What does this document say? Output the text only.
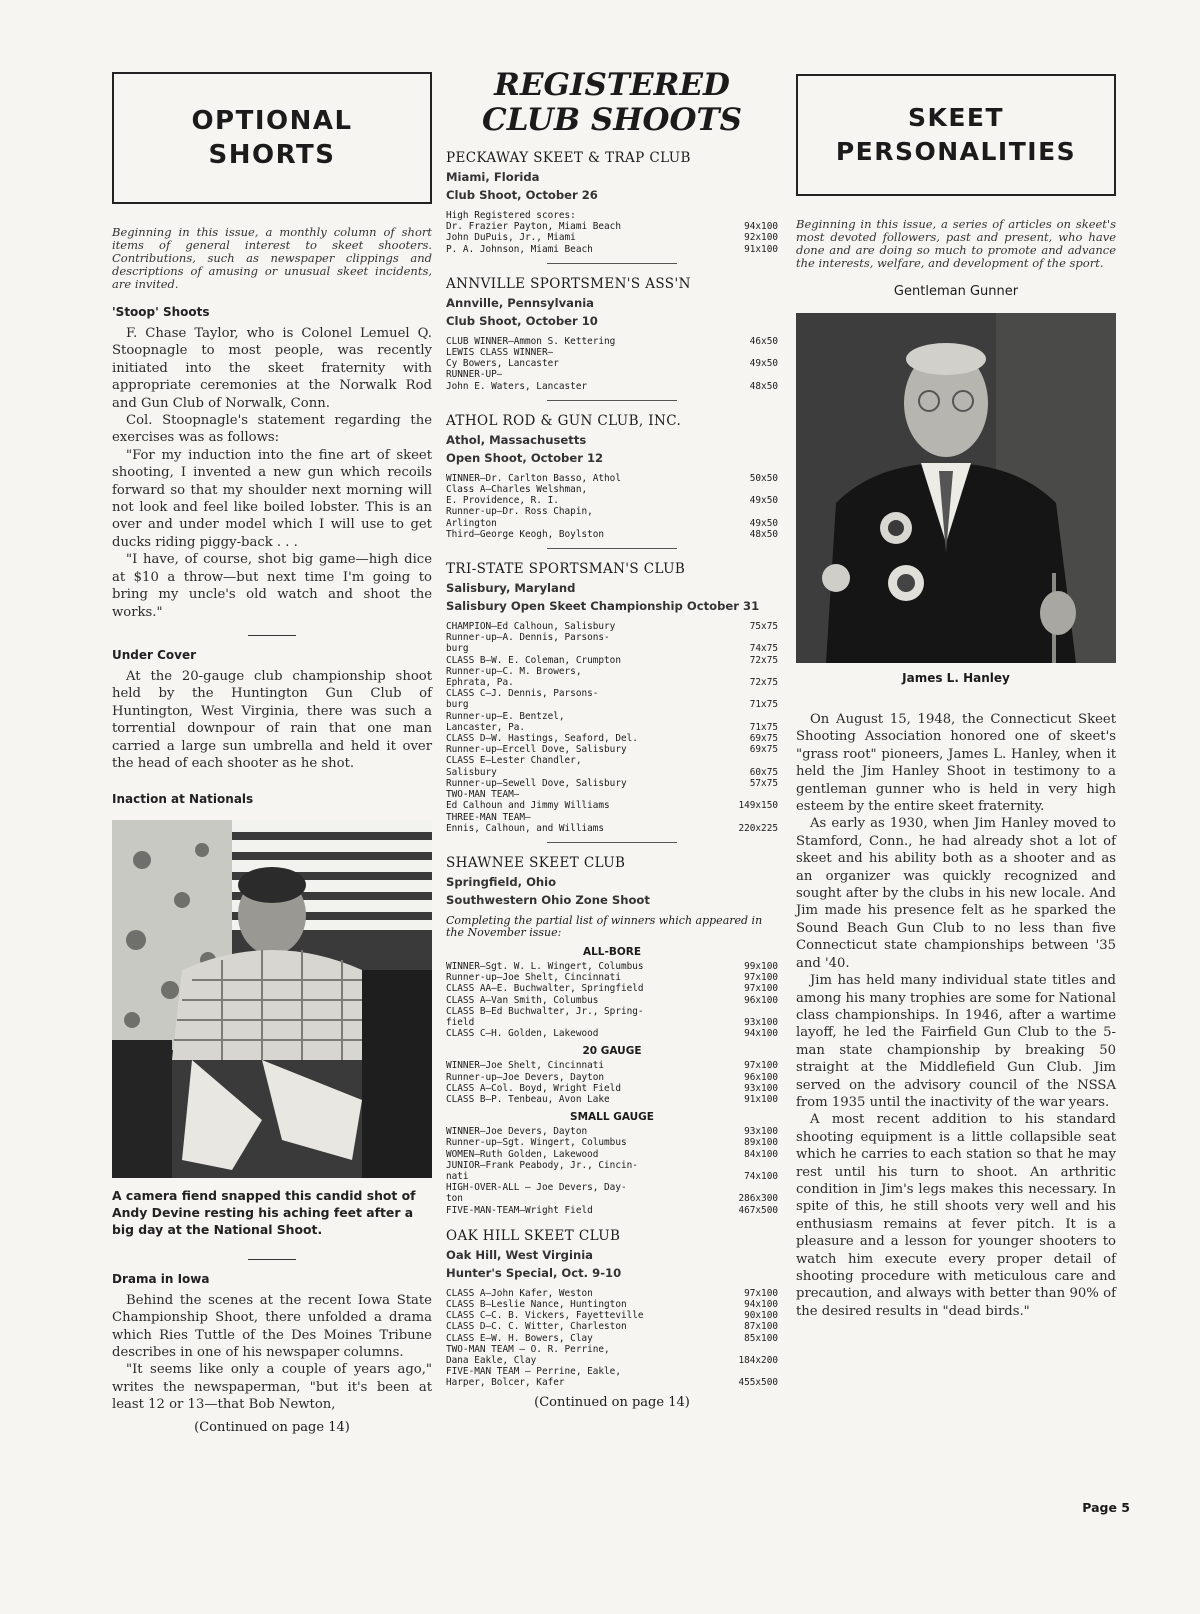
OPTIONAL
SHORTS

Beginning in this issue, a monthly column of short items of general interest to skeet shooters. Contributions, such as newspaper clippings and descriptions of amusing or unusual skeet incidents, are invited.

'Stoop' Shoots

F. Chase Taylor, who is Colonel Lemuel Q. Stoopnagle to most people, was recently initiated into the skeet fraternity with appropriate ceremonies at the Norwalk Rod and Gun Club of Norwalk, Conn.

Col. Stoopnagle's statement regarding the exercises was as follows:

"For my induction into the fine art of skeet shooting, I invented a new gun which recoils forward so that my shoulder next morning will not look and feel like boiled lobster. This is an over and under model which I will use to get ducks riding piggy-back . . .

"I have, of course, shot big game—high dice at $10 a throw—but next time I'm going to bring my uncle's old watch and shoot the works."

Under Cover

At the 20-gauge club championship shoot held by the Huntington Gun Club of Huntington, West Virginia, there was such a torrential downpour of rain that one man carried a large sun umbrella and held it over the head of each shooter as he shot.

Inaction at Nationals

A camera fiend snapped this candid shot of Andy Devine resting his aching feet after a big day at the National Shoot.

Drama in Iowa

Behind the scenes at the recent Iowa State Championship Shoot, there unfolded a drama which Ries Tuttle of the Des Moines Tribune describes in one of his newspaper columns.

"It seems like only a couple of years ago," writes the newspaperman, "but it's been at least 12 or 13—that Bob Newton,

(Continued on page 14)
REGISTERED
CLUB SHOOTS
PECKAWAY SKEET & TRAP CLUB
Miami, Florida
Club Shoot, October 26
High Registered scores:
Dr. Frazier Payton, Miami Beach	94x100
John DuPuis, Jr., Miami	92x100
P. A. Johnson, Miami Beach	91x100
ANNVILLE SPORTSMEN'S ASS'N
Annville, Pennsylvania
Club Shoot, October 10
CLUB WINNER—Ammon S. Kettering	46x50
LEWIS CLASS WINNER—
Cy Bowers, Lancaster	49x50
RUNNER-UP—
John E. Waters, Lancaster	48x50
ATHOL ROD & GUN CLUB, INC.
Athol, Massachusetts
Open Shoot, October 12
WINNER—Dr. Carlton Basso, Athol	50x50
Class A—Charles Welshman,
E. Providence, R. I.	49x50
Runner-up—Dr. Ross Chapin,
Arlington	49x50
Third—George Keogh, Boylston	48x50
TRI-STATE SPORTSMAN'S CLUB
Salisbury, Maryland
Salisbury Open Skeet Championship October 31
CHAMPION—Ed Calhoun, Salisbury	75x75
Runner-up—A. Dennis, Parsons-
burg	74x75
CLASS B—W. E. Coleman, Crumpton	72x75
Runner-up—C. M. Browers,
Ephrata, Pa.	72x75
CLASS C—J. Dennis, Parsons-
burg	71x75
Runner-up—E. Bentzel,
Lancaster, Pa.	71x75
CLASS D—W. Hastings, Seaford, Del.	69x75
Runner-up—Ercell Dove, Salisbury	69x75
CLASS E—Lester Chandler,
Salisbury	60x75
Runner-up—Sewell Dove, Salisbury	57x75
TWO-MAN TEAM—
Ed Calhoun and Jimmy Williams	149x150
THREE-MAN TEAM—
Ennis, Calhoun, and Williams	220x225
SHAWNEE SKEET CLUB
Springfield, Ohio
Southwestern Ohio Zone Shoot

Completing the partial list of winners which appeared in the November issue:

ALL-BORE
WINNER—Sgt. W. L. Wingert, Columbus	99x100
Runner-up—Joe Shelt, Cincinnati	97x100
CLASS AA—E. Buchwalter, Springfield	97x100
CLASS A—Van Smith, Columbus	96x100
CLASS B—Ed Buchwalter, Jr., Spring-
field	93x100
CLASS C—H. Golden, Lakewood	94x100
20 GAUGE
WINNER—Joe Shelt, Cincinnati	97x100
Runner-up—Joe Devers, Dayton	96x100
CLASS A—Col. Boyd, Wright Field	93x100
CLASS B—P. Tenbeau, Avon Lake	91x100
SMALL GAUGE
WINNER—Joe Devers, Dayton	93x100
Runner-up—Sgt. Wingert, Columbus	89x100
WOMEN—Ruth Golden, Lakewood	84x100
JUNIOR—Frank Peabody, Jr., Cincin-
nati	74x100
HIGH-OVER-ALL — Joe Devers, Day-
ton	286x300
FIVE-MAN-TEAM—Wright Field	467x500
OAK HILL SKEET CLUB
Oak Hill, West Virginia
Hunter's Special, Oct. 9-10
CLASS A—John Kafer, Weston	97x100
CLASS B—Leslie Nance, Huntington	94x100
CLASS C—C. B. Vickers, Fayetteville	90x100
CLASS D—C. C. Witter, Charleston	87x100
CLASS E—W. H. Bowers, Clay	85x100
TWO-MAN TEAM — O. R. Perrine,
Dana Eakle, Clay	184x200
FIVE-MAN TEAM — Perrine, Eakle,
Harper, Bolcer, Kafer	455x500
(Continued on page 14)
SKEET
PERSONALITIES

Beginning in this issue, a series of articles on skeet's most devoted followers, past and present, who have done and are doing so much to promote and advance the interests, welfare, and development of the sport.

Gentleman Gunner
James L. Hanley

On August 15, 1948, the Connecticut Skeet Shooting Association honored one of skeet's "grass root" pioneers, James L. Hanley, when it held the Jim Hanley Shoot in testimony to a gentleman gunner who is held in very high esteem by the entire skeet fraternity.

As early as 1930, when Jim Hanley moved to Stamford, Conn., he had already shot a lot of skeet and his ability both as a shooter and as an organizer was quickly recognized and sought after by the clubs in his new locale. And Jim made his presence felt as he sparked the Sound Beach Gun Club to no less than five Connecticut state championships between '35 and '40.

Jim has held many individual state titles and among his many trophies are some for National class championships. In 1946, after a wartime layoff, he led the Fairfield Gun Club to the 5-man state championship by breaking 50 straight at the Middlefield Gun Club. Jim served on the advisory council of the NSSA from 1935 until the inactivity of the war years.

A most recent addition to his standard shooting equipment is a little collapsible seat which he carries to each station so that he may rest until his turn to shoot. An arthritic condition in Jim's legs makes this necessary. In spite of this, he still shoots very well and his enthusiasm remains at fever pitch. It is a pleasure and a lesson for younger shooters to watch him execute every proper detail of shooting procedure with meticulous care and precaution, and always with better than 90% of the desired results in "dead birds."

Page 5
